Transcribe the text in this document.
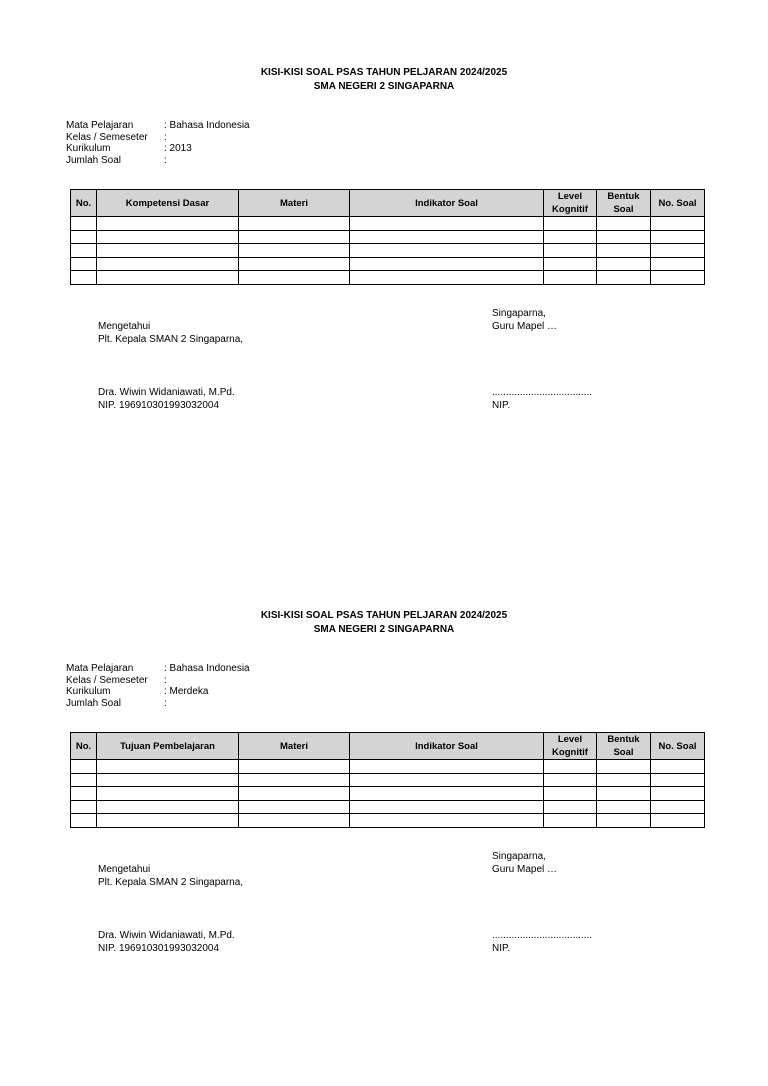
KISI-KISI SOAL PSAS TAHUN PELJARAN 2024/2025
SMA NEGERI 2 SINGAPARNA
Mata Pelajaran	: Bahasa Indonesia
Kelas / Semeseter	:
Kurikulum	: 2013
Jumlah Soal	:
No.	Kompetensi Dasar	Materi	Indikator Soal	Level Kognitif	Bentuk Soal	No. Soal

Singaparna,
Guru Mapel …
Mengetahui
Plt. Kepala SMAN 2 Singaparna,
Dra. Wiwin Widaniawati, M.Pd.
NIP. 196910301993032004
....................................
NIP.
KISI-KISI SOAL PSAS TAHUN PELJARAN 2024/2025
SMA NEGERI 2 SINGAPARNA
Mata Pelajaran	: Bahasa Indonesia
Kelas / Semeseter	:
Kurikulum	: Merdeka
Jumlah Soal	:
No.	Tujuan Pembelajaran	Materi	Indikator Soal	Level Kognitif	Bentuk Soal	No. Soal

Singaparna,
Guru Mapel …
Mengetahui
Plt. Kepala SMAN 2 Singaparna,
Dra. Wiwin Widaniawati, M.Pd.
NIP. 196910301993032004
....................................
NIP.
